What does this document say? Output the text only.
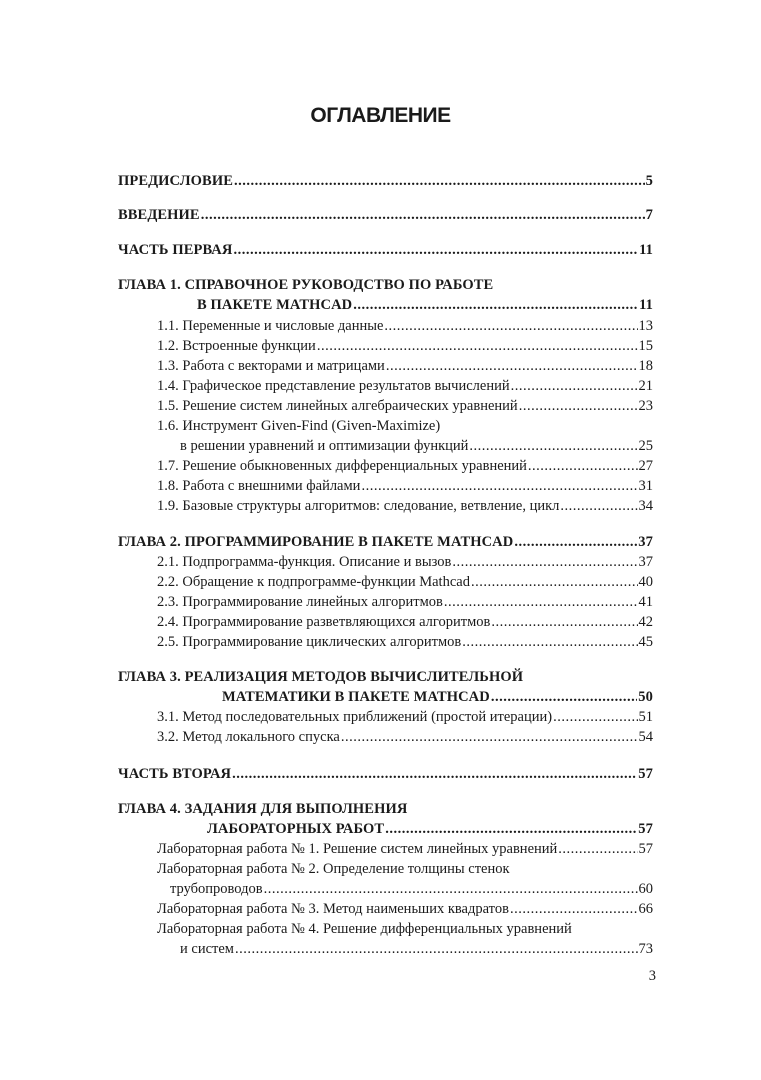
ОГЛАВЛЕНИЕ
ПРЕДИСЛОВИЕ .....	5
ВВЕДЕНИЕ .....	7
ЧАСТЬ ПЕРВАЯ .....	11
ГЛАВА 1. СПРАВОЧНОЕ РУКОВОДСТВО ПО РАБОТЕ
В ПАКЕТЕ MATHCAD .....	11
1.1. Переменные и числовые данные .....	13
1.2. Встроенные функции .....	15
1.3. Работа с векторами и матрицами .....	18
1.4. Графическое представление результатов вычислений .....	21
1.5. Решение систем линейных алгебраических уравнений .....	23
1.6. Инструмент Given-Find (Given-Maximize)
в решении уравнений и оптимизации функций .....	25
1.7. Решение обыкновенных дифференциальных уравнений .....	27
1.8. Работа с внешними файлами .....	31
1.9. Базовые структуры алгоритмов: следование, ветвление, цикл .....	34
ГЛАВА 2. ПРОГРАММИРОВАНИЕ В ПАКЕТЕ MATHCAD .....	37
2.1. Подпрограмма-функция. Описание и вызов .....	37
2.2. Обращение к подпрограмме-функции Mathcad .....	40
2.3. Программирование линейных алгоритмов .....	41
2.4. Программирование разветвляющихся алгоритмов .....	42
2.5. Программирование циклических алгоритмов .....	45
ГЛАВА 3. РЕАЛИЗАЦИЯ МЕТОДОВ ВЫЧИСЛИТЕЛЬНОЙ
МАТЕМАТИКИ В ПАКЕТЕ MATHCAD .....	50
3.1. Метод последовательных приближений (простой итерации) .....	51
3.2. Метод локального спуска .....	54
ЧАСТЬ ВТОРАЯ .....	57
ГЛАВА 4. ЗАДАНИЯ ДЛЯ ВЫПОЛНЕНИЯ
ЛАБОРАТОРНЫХ РАБОТ .....	57
Лабораторная работа № 1. Решение систем линейных уравнений .....	57
Лабораторная работа № 2. Определение толщины стенок
трубопроводов .....	60
Лабораторная работа № 3. Метод наименьших квадратов .....	66
Лабораторная работа № 4. Решение дифференциальных уравнений
и систем .....	73
3
